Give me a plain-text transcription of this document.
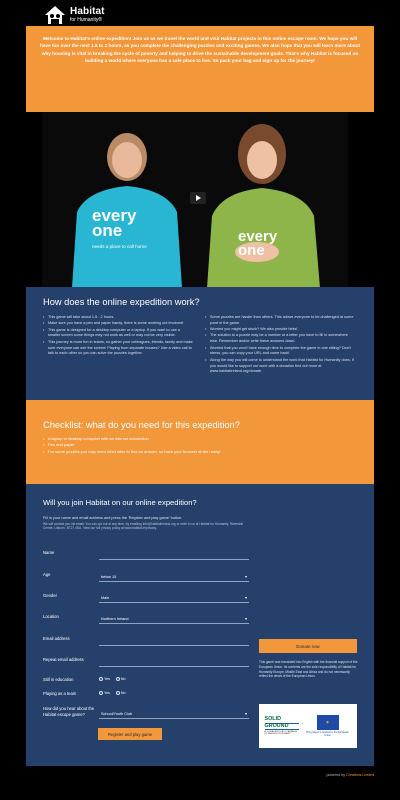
Habitat
for Humanity®

Welcome to Habitat's online expedition! Join us as we travel the world and visit Habitat projects in this online escape room. We hope you will have fun over the next 1.5 to 2 hours, as you complete the challenging puzzles and exciting games. We also hope that you will learn more about why housing is vital in breaking the cycle of poverty and helping to drive the sustainable development goals. That's why Habitat is focused on building a world where everyone has a safe place to live. So pack your bag and sign up for the journey!

every one
needs a place to call home
every one
How does the online expedition work?
• This game will take about 1.5 - 2 hours.
• Make sure you have a pen and paper handy, there is some working out involved!
• This game is designed for a desktop computer or a laptop. If you want to use a smaller screen some things may not work as well or may not be very visible.
• This journey is more fun in teams, so gather your colleagues, friends, family and make sure everyone can see the screen! Playing from separate houses? Use a video call to talk to each other so you can solve the puzzles together.
• Some puzzles are harder than others. This allows everyone to be challenged at some point in the game.
• Worried you might get stuck? We also provide hints!
• The solution to a puzzle may be a number or a letter you have to fill in somewhere else. Remember and/or write these answers down.
• Worried that you won't have enough time to complete the game in one sitting? Don't stress, you can copy your URL and come back!
• Along the way you will come to understand the work that Habitat for Humanity does. If you would like to support our work with a donation find out more at www.habitatireland.org/donate.
Checklist: what do you need for this expedition?
• A laptop or desktop computer with an internet connection
• Pen and paper
• For some puzzles you may need other sites to find an answer, so have your browser at the ready!
Will you join Habitat on our online expedition?

Fill in your name and email address and press the 'Register and play game' button.

We will contact you via email. You can opt out at any time, by emailing info@habitatireland.org or write to us at Habitat for Humanity, Riverside Centre, Lisburn, BT27 4SA. View our full privacy policy at www.habitat.ie/privacy.

Name
Age	below 15 ▾
Gender	Male ▾
Location	Northern Ireland ▾
Email address
Repeat email address
Still in education	Yes	No
Playing as a team	Yes	No
How did you hear about the Habitat escape game?	School/Youth Club ▾
Register and play game
Donate now
This game was translated into English with the financial support of the European Union. Its contents are the sole responsibility of Habitat for Humanity Europe, Middle East and Africa and do not necessarily reflect the views of the European Union.
SOLID
GROUND
A GLOBAL ADVOCACY CAMPAIGN BY HABITAT FOR HUMANITY
✶
This project is funded by the European Union
powered by Creations Limited
